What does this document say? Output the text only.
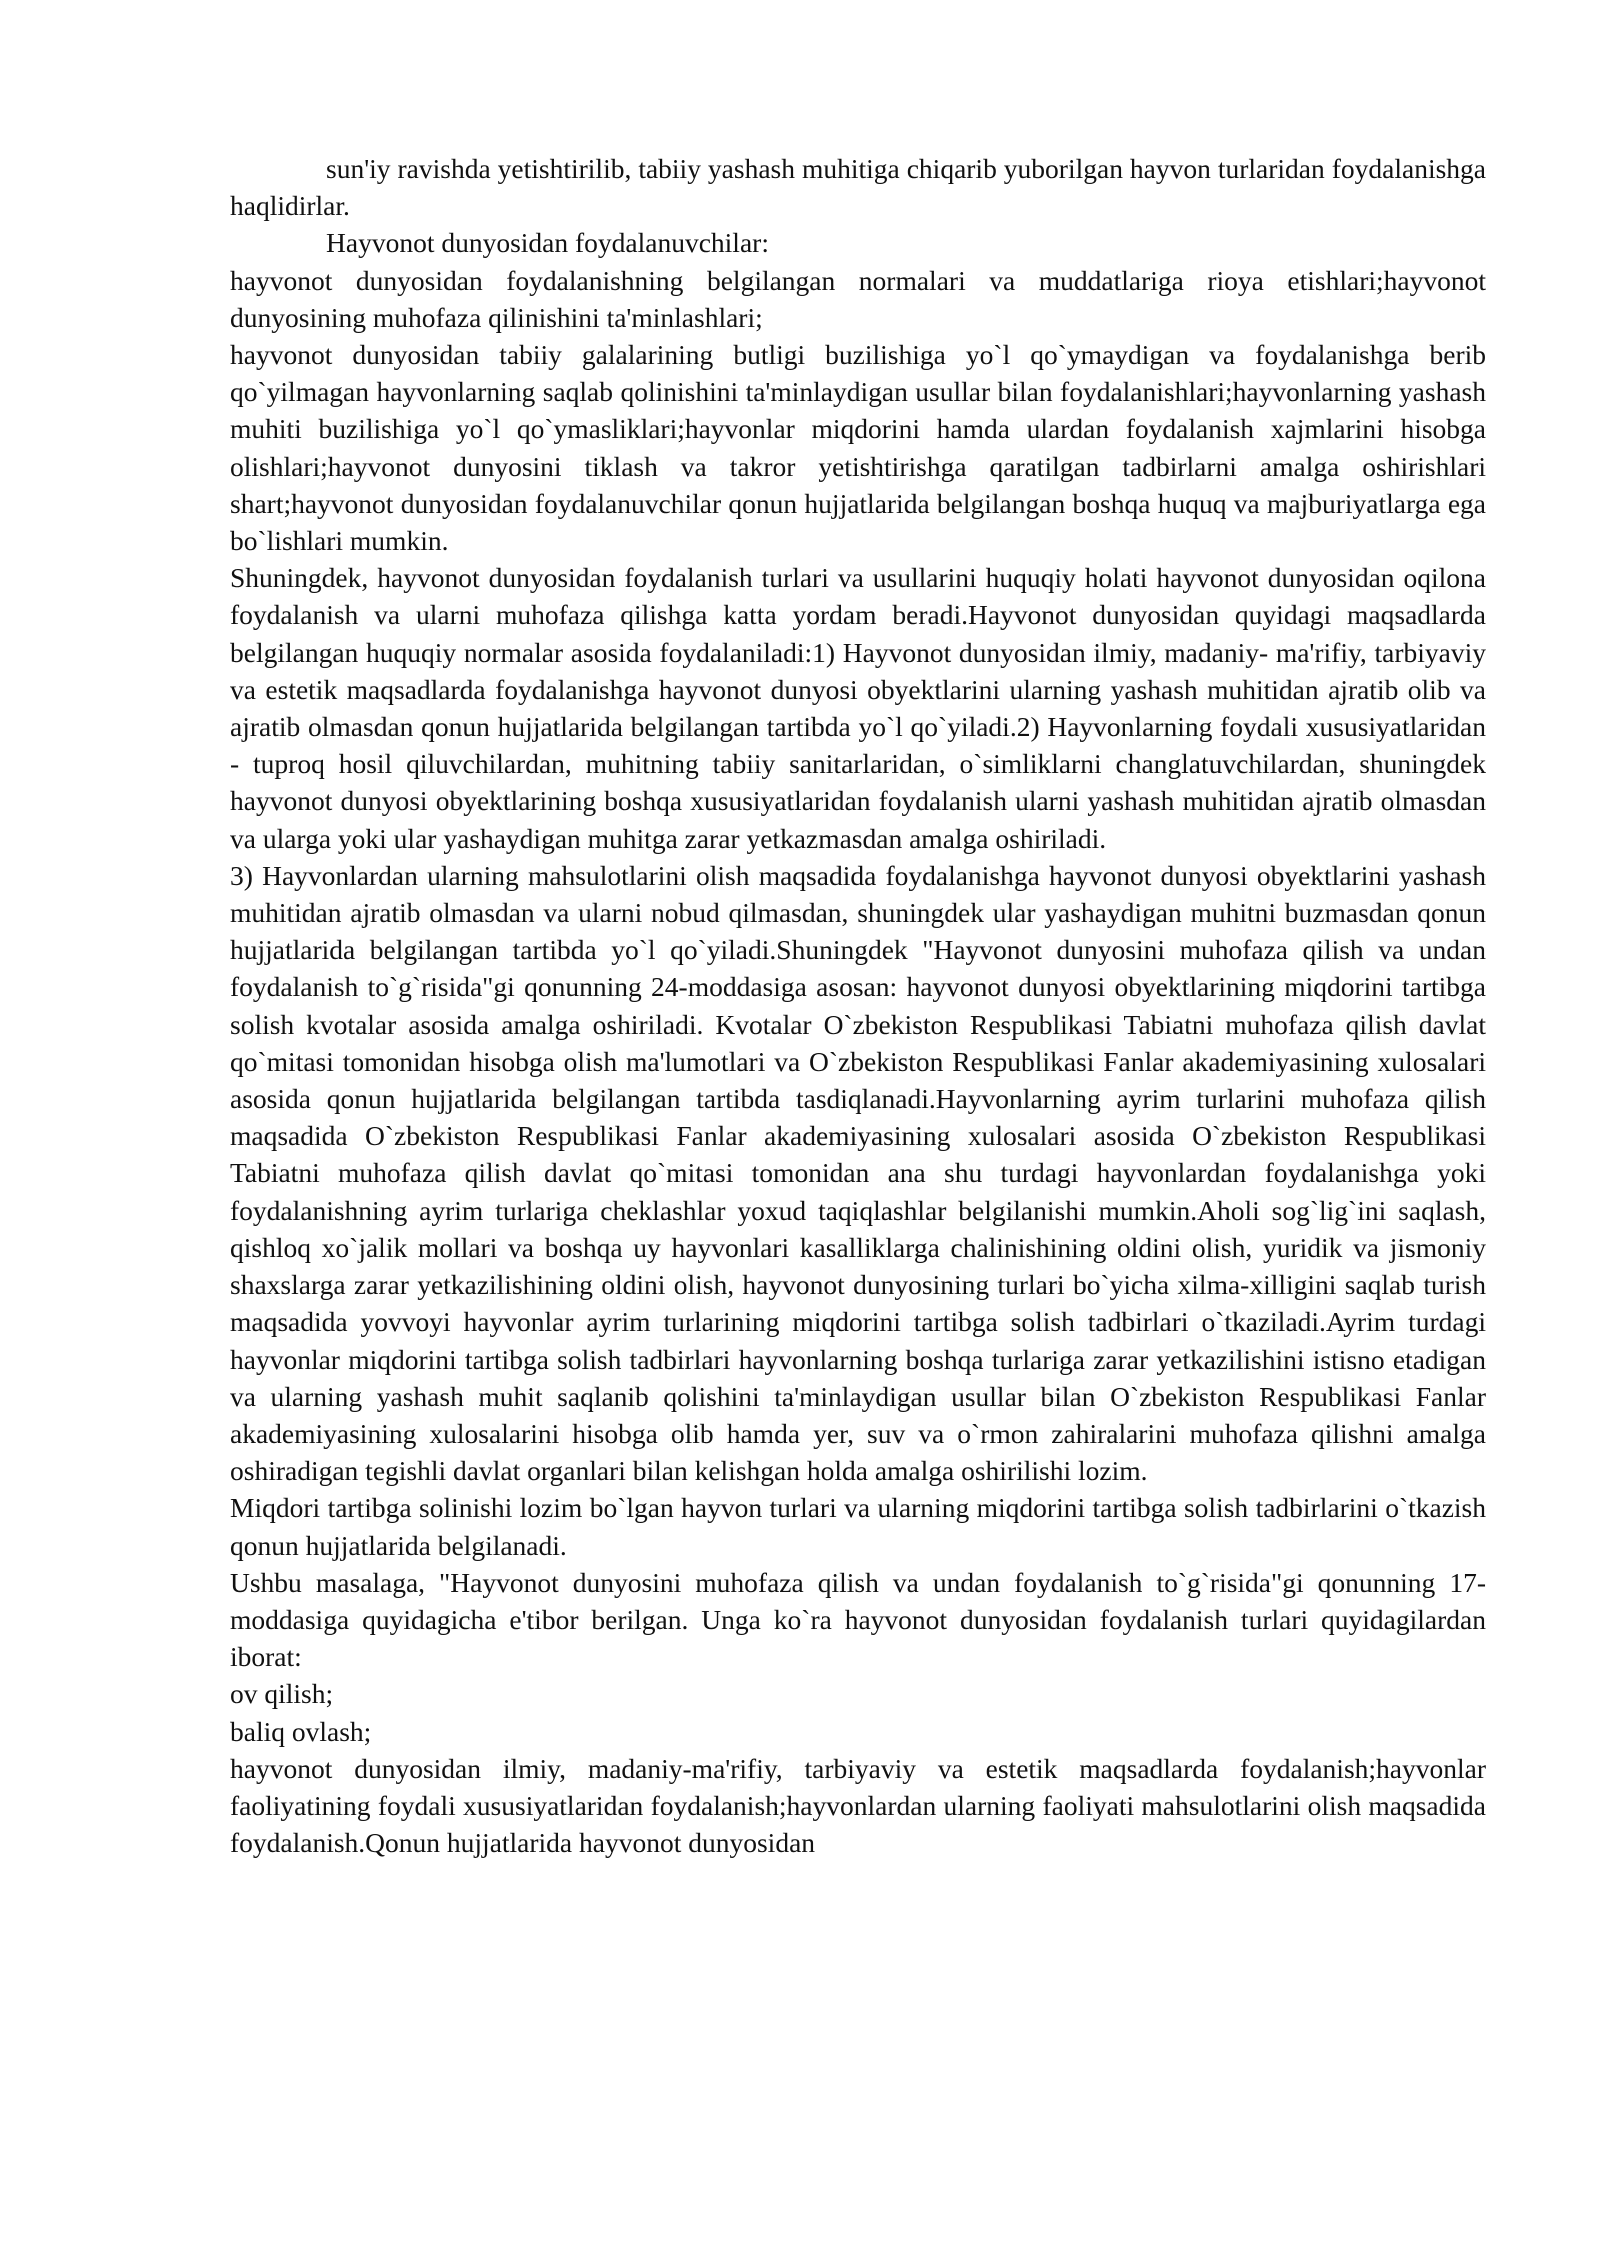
sun'iy ravishda yetishtirilib, tabiiy yashash muhitiga chiqarib yuborilgan hayvon turlaridan foydalanishga haqlidirlar.

Hayvonot dunyosidan foydalanuvchilar:

hayvonot dunyosidan foydalanishning belgilangan normalari va muddatlariga rioya etishlari;hayvonot dunyosining muhofaza qilinishini ta'minlashlari;

hayvonot dunyosidan tabiiy galalarining butligi buzilishiga yo`l qo`ymaydigan va foydalanishga berib qo`yilmagan hayvonlarning saqlab qolinishini ta'minlaydigan usullar bilan foydalanishlari;hayvonlarning yashash muhiti buzilishiga yo`l qo`ymasliklari;hayvonlar miqdorini hamda ulardan foydalanish xajmlarini hisobga olishlari;hayvonot dunyosini tiklash va takror yetishtirishga qaratilgan tadbirlarni amalga oshirishlari shart;hayvonot dunyosidan foydalanuvchilar qonun hujjatlarida belgilangan boshqa huquq va majburiyatlarga ega bo`lishlari mumkin.

Shuningdek, hayvonot dunyosidan foydalanish turlari va usullarini huquqiy holati hayvonot dunyosidan oqilona foydalanish va ularni muhofaza qilishga katta yordam beradi.Hayvonot dunyosidan quyidagi maqsadlarda belgilangan huquqiy normalar asosida foydalaniladi:1) Hayvonot dunyosidan ilmiy, madaniy- ma'rifiy, tarbiyaviy va estetik maqsadlarda foydalanishga hayvonot dunyosi obyektlarini ularning yashash muhitidan ajratib olib va ajratib olmasdan qonun hujjatlarida belgilangan tartibda yo`l qo`yiladi.2) Hayvonlarning foydali xususiyatlaridan - tuproq hosil qiluvchilardan, muhitning tabiiy sanitarlaridan, o`simliklarni changlatuvchilardan, shuningdek hayvonot dunyosi obyektlarining boshqa xususiyatlaridan foydalanish ularni yashash muhitidan ajratib olmasdan va ularga yoki ular yashaydigan muhitga zarar yetkazmasdan amalga oshiriladi.

3) Hayvonlardan ularning mahsulotlarini olish maqsadida foydalanishga hayvonot dunyosi obyektlarini yashash muhitidan ajratib olmasdan va ularni nobud qilmasdan, shuningdek ular yashaydigan muhitni buzmasdan qonun hujjatlarida belgilangan tartibda yo`l qo`yiladi.Shuningdek "Hayvonot dunyosini muhofaza qilish va undan foydalanish to`g`risida"gi qonunning 24-moddasiga asosan: hayvonot dunyosi obyektlarining miqdorini tartibga solish kvotalar asosida amalga oshiriladi. Kvotalar O`zbekiston Respublikasi Tabiatni muhofaza qilish davlat qo`mitasi tomonidan hisobga olish ma'lumotlari va O`zbekiston Respublikasi Fanlar akademiyasining xulosalari asosida qonun hujjatlarida belgilangan tartibda tasdiqlanadi.Hayvonlarning ayrim turlarini muhofaza qilish maqsadida O`zbekiston Respublikasi Fanlar akademiyasining xulosalari asosida O`zbekiston Respublikasi Tabiatni muhofaza qilish davlat qo`mitasi tomonidan ana shu turdagi hayvonlardan foydalanishga yoki foydalanishning ayrim turlariga cheklashlar yoxud taqiqlashlar belgilanishi mumkin.Aholi sog`lig`ini saqlash, qishloq xo`jalik mollari va boshqa uy hayvonlari kasalliklarga chalinishining oldini olish, yuridik va jismoniy shaxslarga zarar yetkazilishining oldini olish, hayvonot dunyosining turlari bo`yicha xilma-xilligini saqlab turish maqsadida yovvoyi hayvonlar ayrim turlarining miqdorini tartibga solish tadbirlari o`tkaziladi.Ayrim turdagi hayvonlar miqdorini tartibga solish tadbirlari hayvonlarning boshqa turlariga zarar yetkazilishini istisno etadigan va ularning yashash muhit saqlanib qolishini ta'minlaydigan usullar bilan O`zbekiston Respublikasi Fanlar akademiyasining xulosalarini hisobga olib hamda yer, suv va o`rmon zahiralarini muhofaza qilishni amalga oshiradigan tegishli davlat organlari bilan kelishgan holda amalga oshirilishi lozim.

Miqdori tartibga solinishi lozim bo`lgan hayvon turlari va ularning miqdorini tartibga solish tadbirlarini o`tkazish qonun hujjatlarida belgilanadi.

Ushbu masalaga, "Hayvonot dunyosini muhofaza qilish va undan foydalanish to`g`risida"gi qonunning 17-moddasiga quyidagicha e'tibor berilgan. Unga ko`ra hayvonot dunyosidan foydalanish turlari quyidagilardan iborat:

ov qilish;

baliq ovlash;

hayvonot dunyosidan ilmiy, madaniy-ma'rifiy, tarbiyaviy va estetik maqsadlarda foydalanish;hayvonlar faoliyatining foydali xususiyatlaridan foydalanish;hayvonlardan ularning faoliyati mahsulotlarini olish maqsadida foydalanish.Qonun hujjatlarida hayvonot dunyosidan
